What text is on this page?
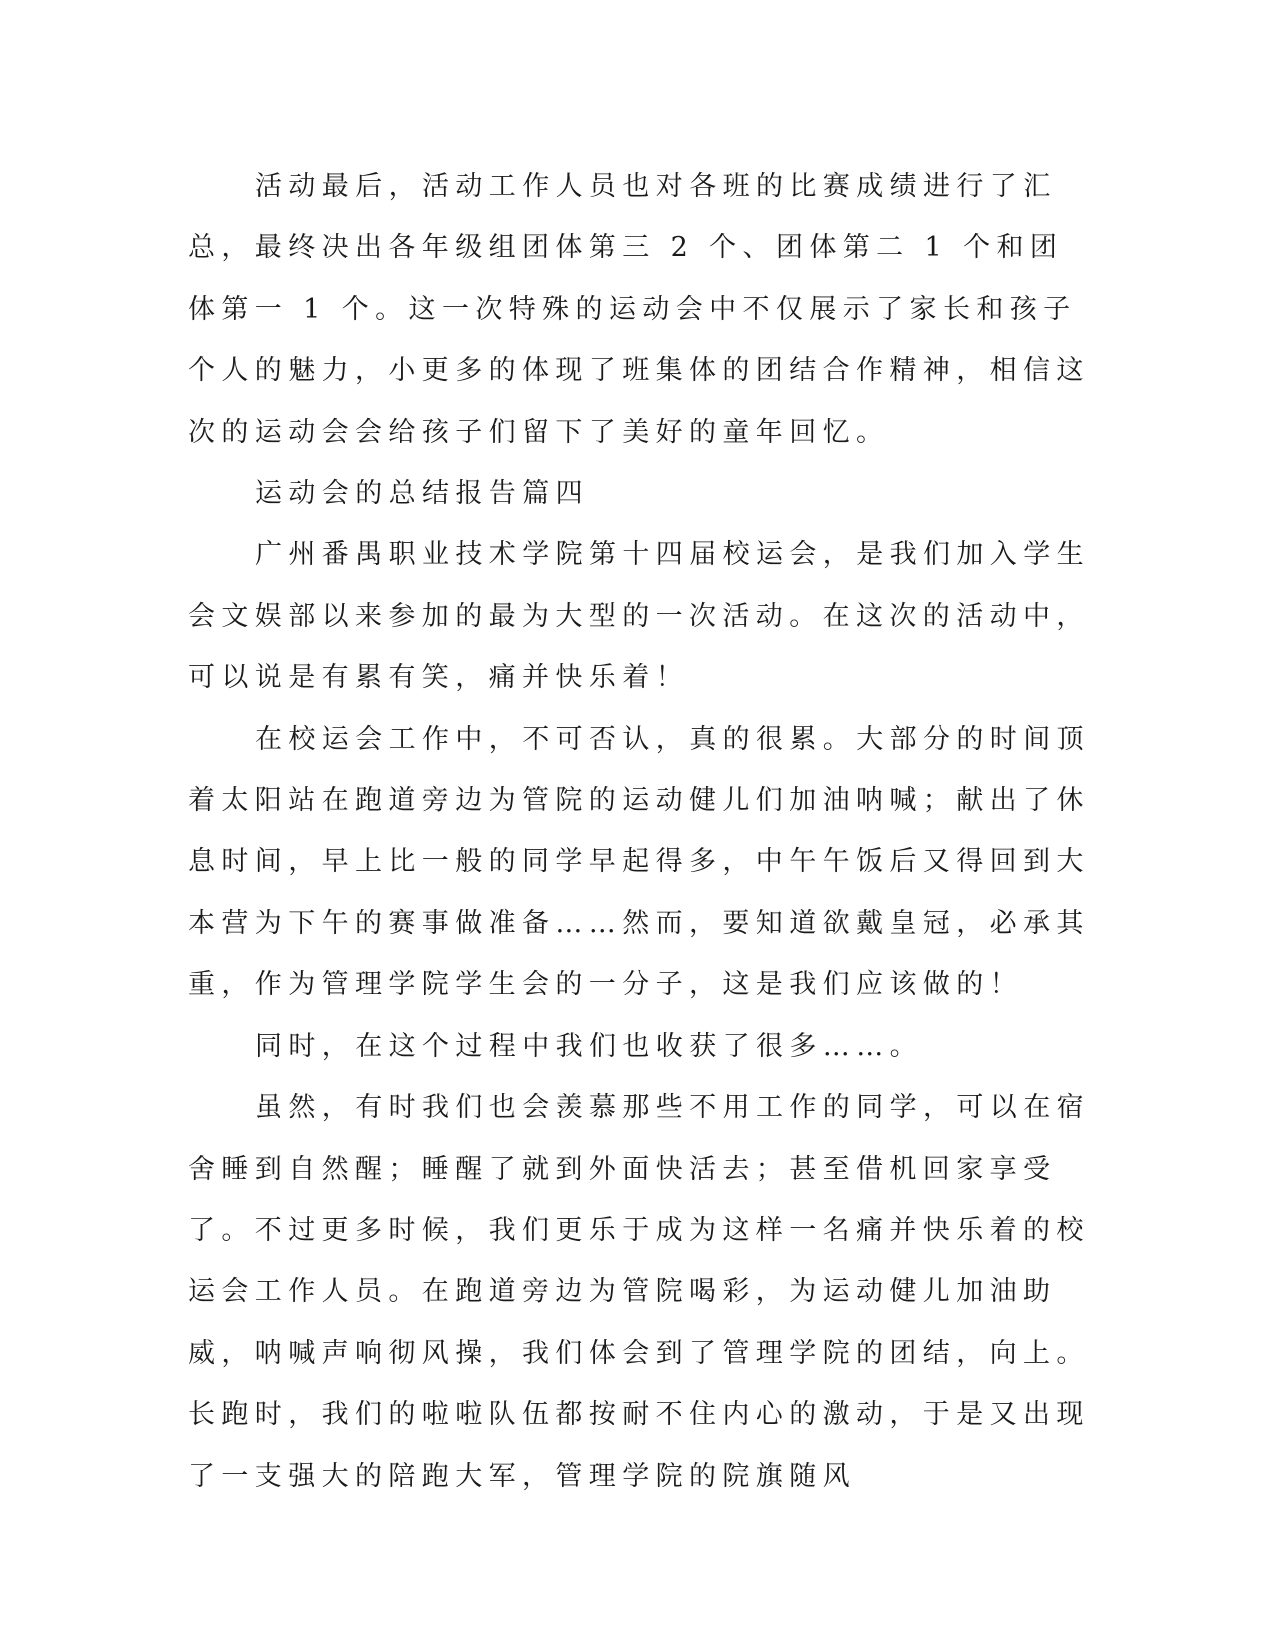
活动最后，活动工作人员也对各班的比赛成绩进行了汇总，最终决出各年级组团体第三 2 个、团体第二 1 个和团体第一 1 个。这一次特殊的运动会中不仅展示了家长和孩子个人的魅力，小更多的体现了班集体的团结合作精神，相信这次的运动会会给孩子们留下了美好的童年回忆。

运动会的总结报告篇四

广州番禺职业技术学院第十四届校运会，是我们加入学生会文娱部以来参加的最为大型的一次活动。在这次的活动中，可以说是有累有笑，痛并快乐着！

在校运会工作中，不可否认，真的很累。大部分的时间顶着太阳站在跑道旁边为管院的运动健儿们加油呐喊；献出了休息时间，早上比一般的同学早起得多，中午午饭后又得回到大本营为下午的赛事做准备……然而，要知道欲戴皇冠，必承其重，作为管理学院学生会的一分子，这是我们应该做的！

同时，在这个过程中我们也收获了很多……。

虽然，有时我们也会羡慕那些不用工作的同学，可以在宿舍睡到自然醒；睡醒了就到外面快活去；甚至借机回家享受了。不过更多时候，我们更乐于成为这样一名痛并快乐着的校运会工作人员。在跑道旁边为管院喝彩，为运动健儿加油助威，呐喊声响彻风操，我们体会到了管理学院的团结，向上。长跑时，我们的啦啦队伍都按耐不住内心的激动，于是又出现了一支强大的陪跑大军，管理学院的院旗随风
